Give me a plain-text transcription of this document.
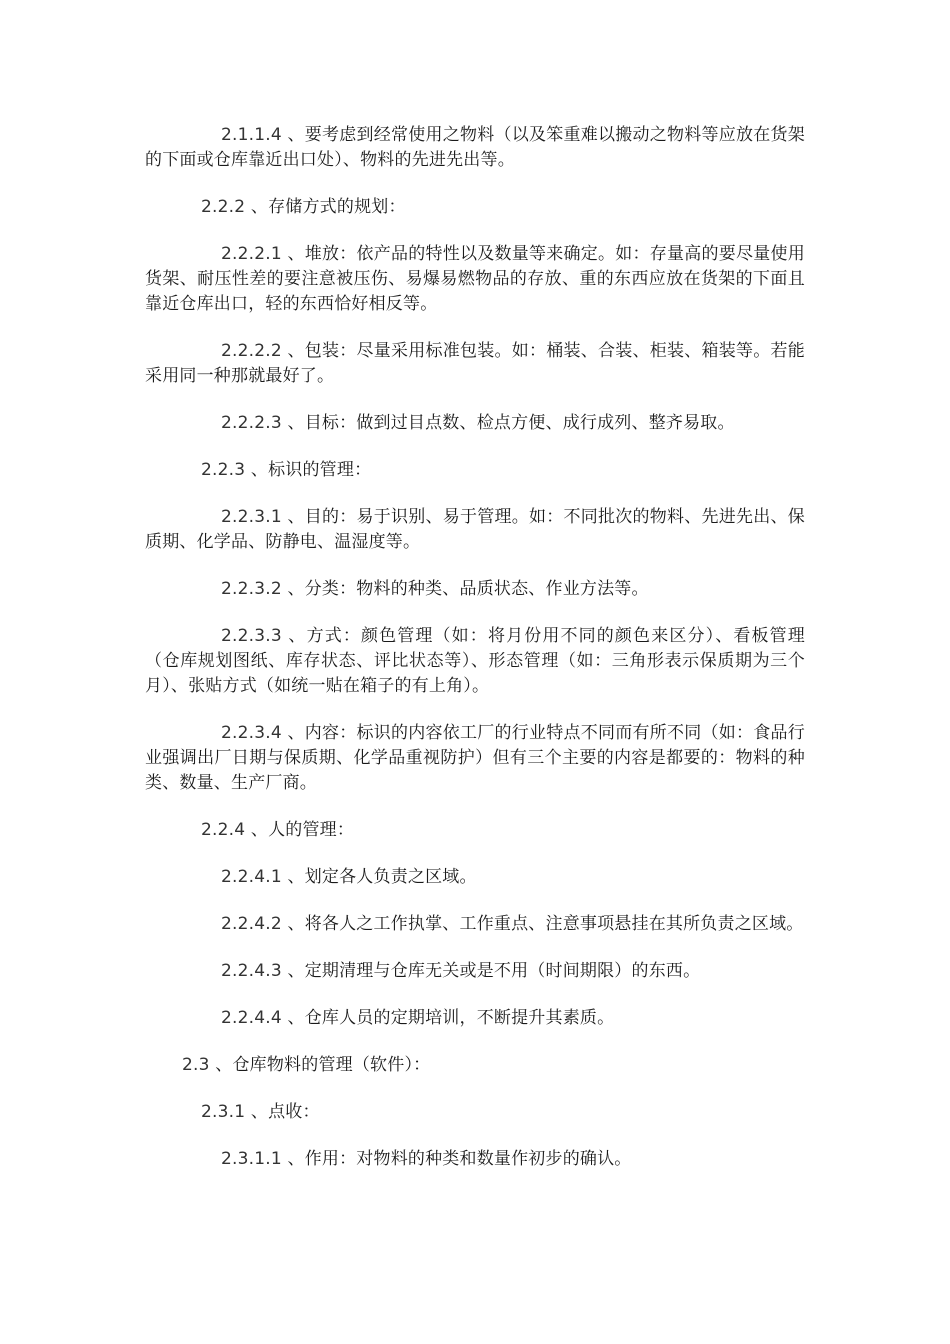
2.1.1.4 、要考虑到经常使用之物料（以及笨重难以搬动之物料等应放在货架的下面或仓库靠近出口处）、物料的先进先出等。

2.2.2 、存储方式的规划：

2.2.2.1 、堆放：依产品的特性以及数量等来确定。如：存量高的要尽量使用货架、耐压性差的要注意被压伤、易爆易燃物品的存放、重的东西应放在货架的下面且靠近仓库出口，轻的东西恰好相反等。

2.2.2.2 、包装：尽量采用标准包装。如：桶装、合装、柜装、箱装等。若能采用同一种那就最好了。

2.2.2.3 、目标：做到过目点数、检点方便、成行成列、整齐易取。

2.2.3 、标识的管理：

2.2.3.1 、目的：易于识别、易于管理。如：不同批次的物料、先进先出、保质期、化学品、防静电、温湿度等。

2.2.3.2 、分类：物料的种类、品质状态、作业方法等。

2.2.3.3 、方式：颜色管理（如：将月份用不同的颜色来区分）、看板管理（仓库规划图纸、库存状态、评比状态等）、形态管理（如：三角形表示保质期为三个月）、张贴方式（如统一贴在箱子的有上角）。

2.2.3.4 、内容：标识的内容依工厂的行业特点不同而有所不同（如：食品行业强调出厂日期与保质期、化学品重视防护）但有三个主要的内容是都要的：物料的种类、数量、生产厂商。

2.2.4 、人的管理：

2.2.4.1 、划定各人负责之区域。

2.2.4.2 、将各人之工作执掌、工作重点、注意事项悬挂在其所负责之区域。

2.2.4.3 、定期清理与仓库无关或是不用（时间期限）的东西。

2.2.4.4 、仓库人员的定期培训，不断提升其素质。

2.3 、仓库物料的管理（软件）：

2.3.1 、点收：

2.3.1.1 、作用：对物料的种类和数量作初步的确认。
